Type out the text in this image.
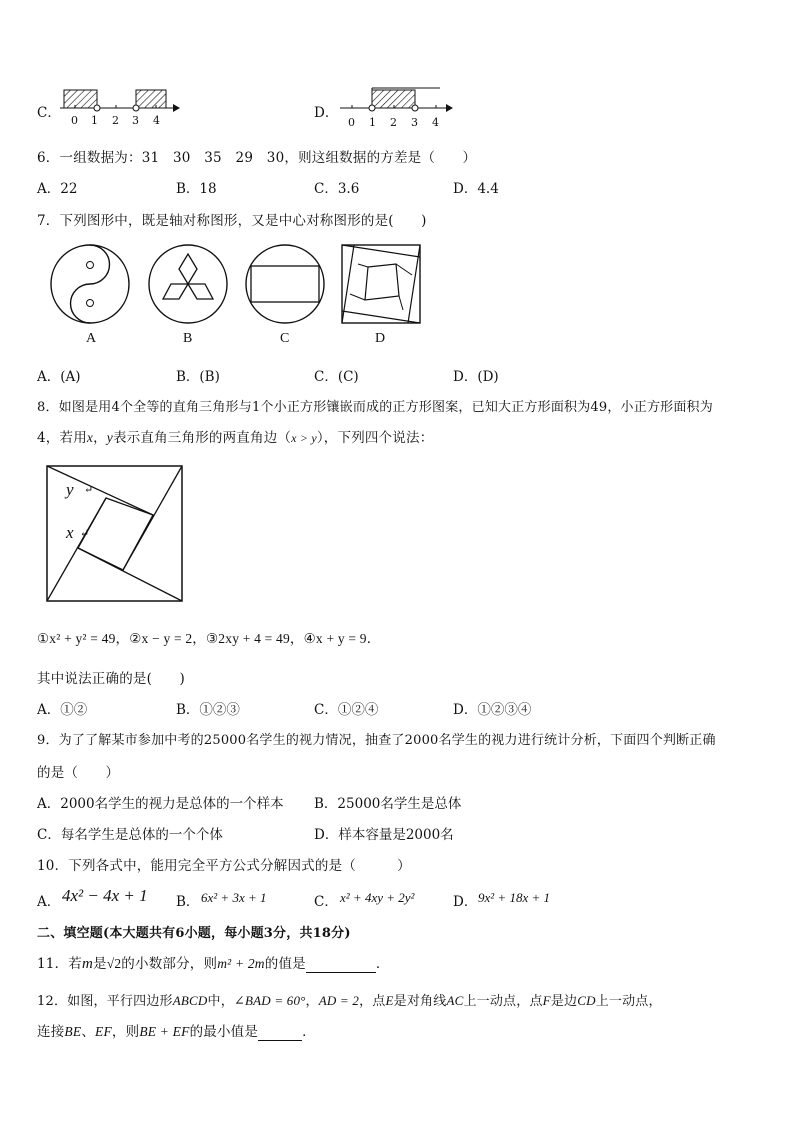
C． 0 1 2 3 4	D．
0 1 2 3 4
6．一组数据为：31　30　35　29　30，则这组数据的方差是（　　）
A．22	B．18	C．3.6	D．4.4
7．下列图形中，既是轴对称图形，又是中心对称图形的是(　　)
A	B	C	D
A．(A)	B．(B)	C．(C)	D．(D)
8．如图是用4个全等的直角三角形与1个小正方形镶嵌而成的正方形图案，已知大正方形面积为49，小正方形面积为
4，若用x，y表示直角三角形的两直角边（x > y），下列四个说法：
y ↵
x ↵
①x² + y² = 49，②x − y = 2，③2xy + 4 = 49，④x + y = 9．
其中说法正确的是(　　)
A．①②	B．①②③	C．①②④	D．①②③④
9．为了了解某市参加中考的25000名学生的视力情况，抽查了2000名学生的视力进行统计分析，下面四个判断正确
的是（　　）
A．2000名学生的视力是总体的一个样本 B．25000名学生是总体
C．每名学生是总体的一个个体	D．样本容量是2000名
10．下列各式中，能用完全平方公式分解因式的是（　　　）
A． 4x² − 4x + 1 B． 6x² + 3x + 1	C． x² + 4xy + 2y²	D． 9x² + 18x + 1
二、填空题(本大题共有6小题，每小题3分，共18分)
11．若m是√2的小数部分，则m² + 2m的值是	．
12．如图，平行四边形ABCD中，∠BAD = 60°，AD = 2，点E是对角线AC上一动点，点F是边CD上一动点，
连接BE、EF，则BE + EF的最小值是	．
